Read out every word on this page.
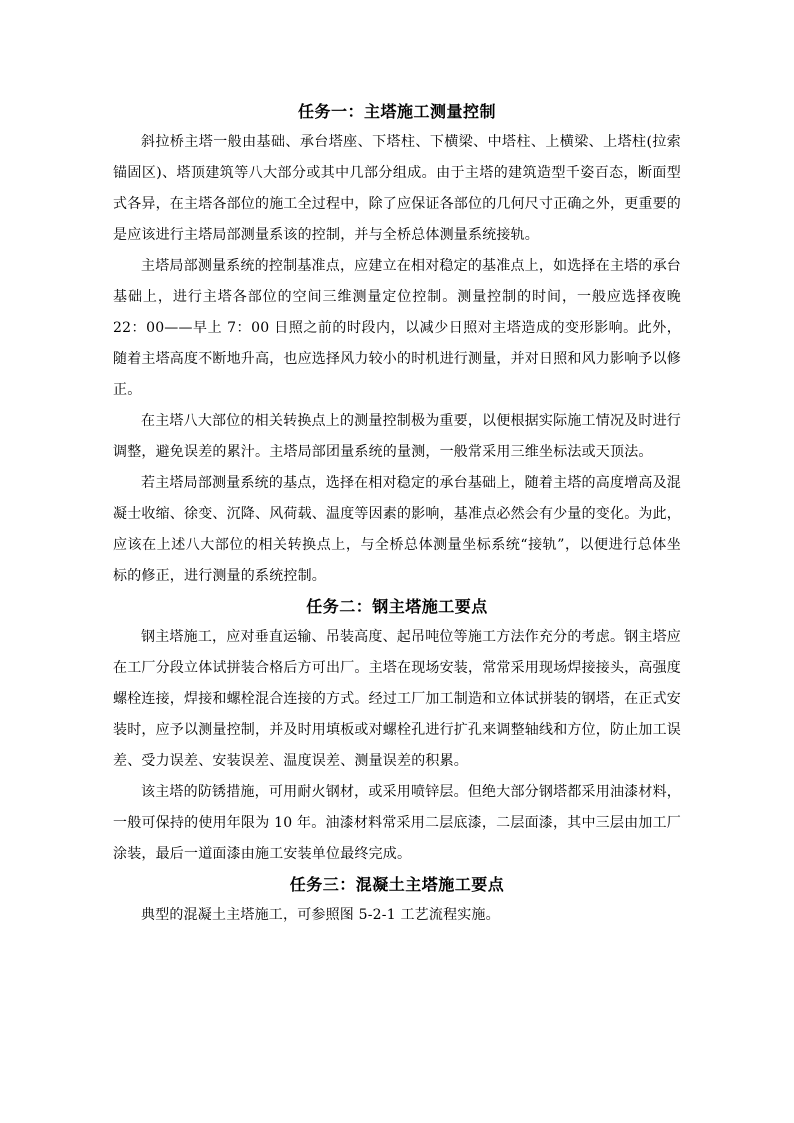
任务一：主塔施工测量控制

斜拉桥主塔一般由基础、承台塔座、下塔柱、下横梁、中塔柱、上横梁、上塔柱(拉索锚固区)、塔顶建筑等八大部分或其中几部分组成。由于主塔的建筑造型千姿百态，断面型式各异，在主塔各部位的施工全过程中，除了应保证各部位的几何尺寸正确之外，更重要的是应该进行主塔局部测量系该的控制，并与全桥总体测量系统接轨。

主塔局部测量系统的控制基准点，应建立在相对稳定的基准点上，如选择在主塔的承台基础上，进行主塔各部位的空间三维测量定位控制。测量控制的时间，一般应选择夜晚 22：00——早上 7：00 日照之前的时段内，以减少日照对主塔造成的变形影响。此外，随着主塔高度不断地升高，也应选择风力较小的时机进行测量，并对日照和风力影响予以修正。

在主塔八大部位的相关转换点上的测量控制极为重要，以便根据实际施工情况及时进行调整，避免误差的累汁。主塔局部团量系统的量测，一般常采用三维坐标法或天顶法。

若主塔局部测量系统的基点，选择在相对稳定的承台基础上，随着主塔的高度增高及混凝士收缩、徐变、沉降、风荷载、温度等因素的影响，基准点必然会有少量的变化。为此，应该在上述八大部位的相关转换点上，与全桥总体测量坐标系统“接轨”，以便进行总体坐标的修正，进行测量的系统控制。

任务二：钢主塔施工要点

钢主塔施工，应对垂直运输、吊装高度、起吊吨位等施工方法作充分的考虑。钢主塔应在工厂分段立体试拼装合格后方可出厂。主塔在现场安装，常常采用现场焊接接头，高强度螺栓连接，焊接和螺栓混合连接的方式。经过工厂加工制造和立体试拼装的钢塔，在正式安装时，应予以测量控制，并及时用填板或对螺栓孔进行扩孔来调整轴线和方位，防止加工误差、受力误差、安装误差、温度误差、测量误差的积累。

该主塔的防锈措施，可用耐火钢材，或采用喷锌层。但绝大部分钢塔都采用油漆材料，一般可保持的使用年限为 10 年。油漆材料常采用二层底漆，二层面漆，其中三层由加工厂涂装，最后一道面漆由施工安装单位最终完成。

任务三：混凝土主塔施工要点

典型的混凝土主塔施工，可参照图 5-2-1 工艺流程实施。
